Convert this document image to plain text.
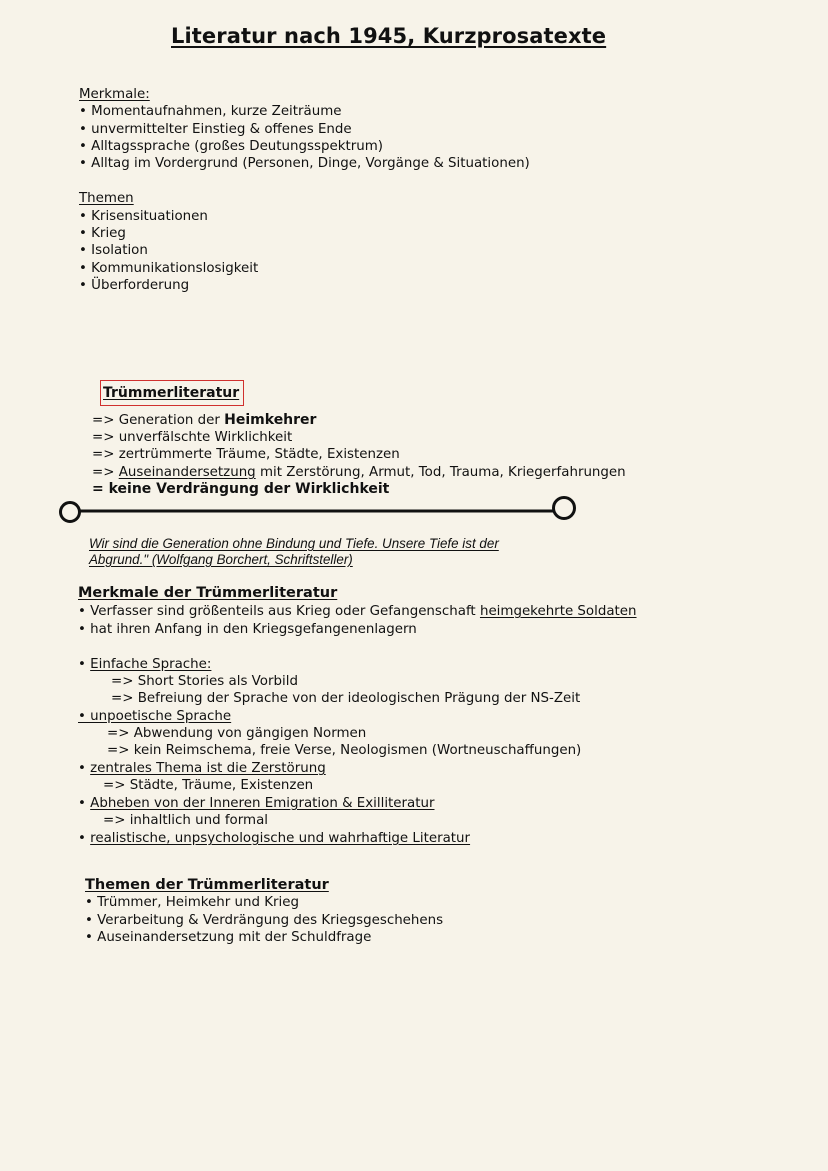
Literatur nach 1945, Kurzprosatexte
Merkmale:
• Momentaufnahmen, kurze Zeiträume
• unvermittelter Einstieg & offenes Ende
• Alltagssprache (großes Deutungsspektrum)
• Alltag im Vordergrund (Personen, Dinge, Vorgänge & Situationen)
Themen
• Krisensituationen
• Krieg
• Isolation
• Kommunikationslosigkeit
• Überforderung
Trümmerliteratur
=> Generation der Heimkehrer
=> unverfälschte Wirklichkeit
=> zertrümmerte Träume, Städte, Existenzen
=> Auseinandersetzung mit Zerstörung, Armut, Tod, Trauma, Kriegerfahrungen
= keine Verdrängung der Wirklichkeit
Wir sind die Generation ohne Bindung und Tiefe. Unsere Tiefe ist der
Abgrund." (Wolfgang Borchert, Schriftsteller)
Merkmale der Trümmerliteratur
• Verfasser sind größenteils aus Krieg oder Gefangenschaft heimgekehrte Soldaten
• hat ihren Anfang in den Kriegsgefangenenlagern
• Einfache Sprache:
=> Short Stories als Vorbild
=> Befreiung der Sprache von der ideologischen Prägung der NS-Zeit
• unpoetische Sprache
=> Abwendung von gängigen Normen
=> kein Reimschema, freie Verse, Neologismen (Wortneuschaffungen)
• zentrales Thema ist die Zerstörung
=> Städte, Träume, Existenzen
• Abheben von der Inneren Emigration & Exilliteratur
=> inhaltlich und formal
• realistische, unpsychologische und wahrhaftige Literatur
Themen der Trümmerliteratur
• Trümmer, Heimkehr und Krieg
• Verarbeitung & Verdrängung des Kriegsgeschehens
• Auseinandersetzung mit der Schuldfrage
